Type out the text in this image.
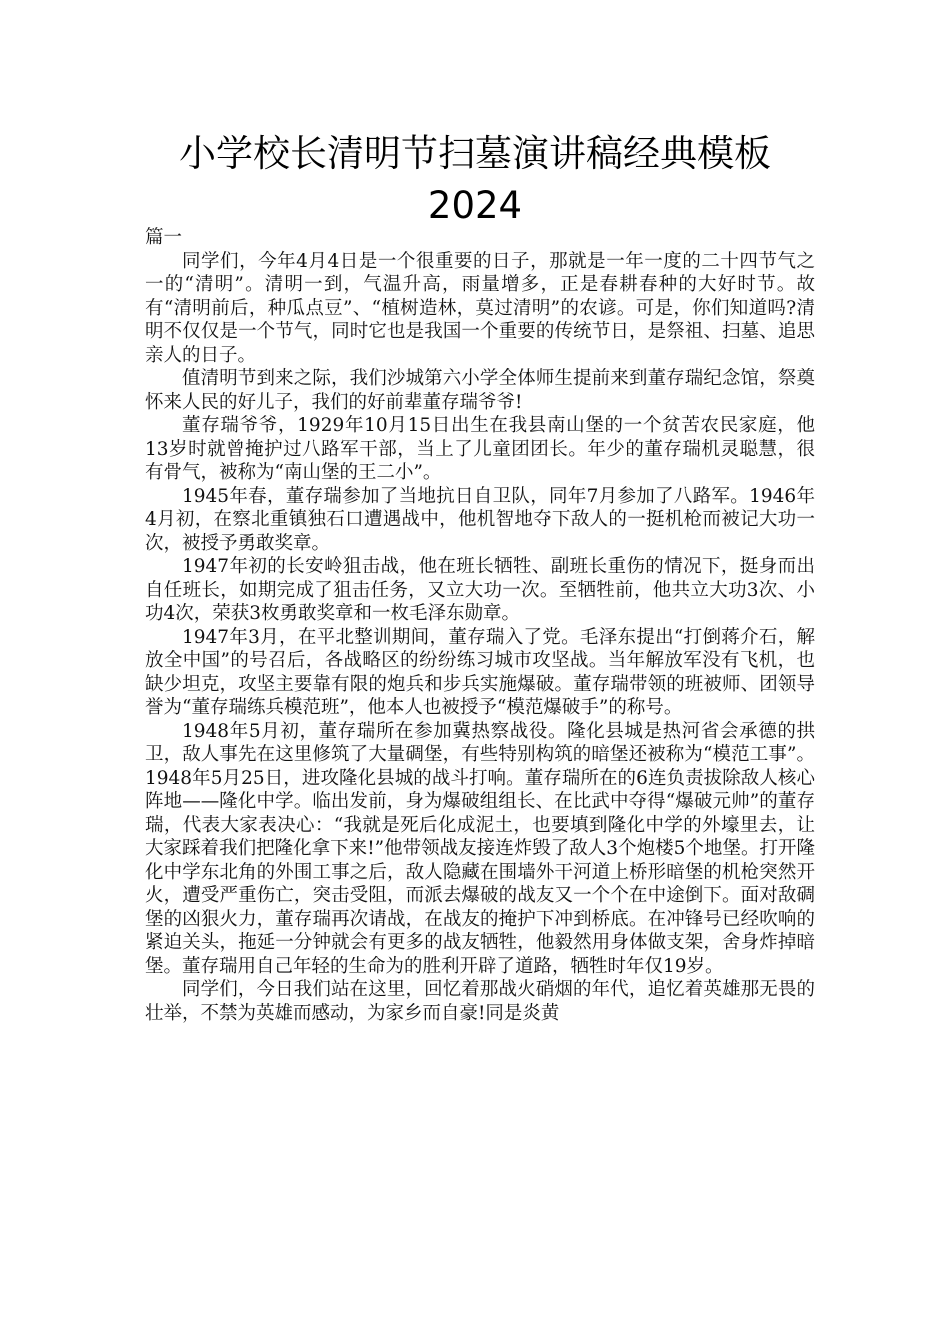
小学校长清明节扫墓演讲稿经典模板
2024

篇一

同学们，今年4月4日是一个很重要的日子，那就是一年一度的二十四节气之一的“清明”。清明一到，气温升高，雨量增多，正是春耕春种的大好时节。故有“清明前后，种瓜点豆”、“植树造林，莫过清明”的农谚。可是，你们知道吗?清明不仅仅是一个节气，同时它也是我国一个重要的传统节日，是祭祖、扫墓、追思亲人的日子。

值清明节到来之际，我们沙城第六小学全体师生提前来到董存瑞纪念馆，祭奠怀来人民的好儿子，我们的好前辈董存瑞爷爷!

董存瑞爷爷，1929年10月15日出生在我县南山堡的一个贫苦农民家庭，他13岁时就曾掩护过八路军干部，当上了儿童团团长。年少的董存瑞机灵聪慧，很有骨气，被称为“南山堡的王二小”。

1945年春，董存瑞参加了当地抗日自卫队，同年7月参加了八路军。1946年4月初，在察北重镇独石口遭遇战中，他机智地夺下敌人的一挺机枪而被记大功一次，被授予勇敢奖章。

1947年初的长安岭狙击战，他在班长牺牲、副班长重伤的情况下，挺身而出自任班长，如期完成了狙击任务，又立大功一次。至牺牲前，他共立大功3次、小功4次，荣获3枚勇敢奖章和一枚毛泽东勋章。

1947年3月，在平北整训期间，董存瑞入了党。毛泽东提出“打倒蒋介石，解放全中国”的号召后，各战略区的纷纷练习城市攻坚战。当年解放军没有飞机，也缺少坦克，攻坚主要靠有限的炮兵和步兵实施爆破。董存瑞带领的班被师、团领导誉为“董存瑞练兵模范班”，他本人也被授予“模范爆破手”的称号。

1948年5月初，董存瑞所在参加冀热察战役。隆化县城是热河省会承德的拱卫，敌人事先在这里修筑了大量碉堡，有些特别构筑的暗堡还被称为“模范工事”。1948年5月25日，进攻隆化县城的战斗打响。董存瑞所在的6连负责拔除敌人核心阵地——隆化中学。临出发前，身为爆破组组长、在比武中夺得“爆破元帅”的董存瑞，代表大家表决心：“我就是死后化成泥土，也要填到隆化中学的外壕里去，让大家踩着我们把隆化拿下来!”他带领战友接连炸毁了敌人3个炮楼5个地堡。打开隆化中学东北角的外围工事之后，敌人隐藏在围墙外干河道上桥形暗堡的机枪突然开火，遭受严重伤亡，突击受阻，而派去爆破的战友又一个个在中途倒下。面对敌碉堡的凶狠火力，董存瑞再次请战，在战友的掩护下冲到桥底。在冲锋号已经吹响的紧迫关头，拖延一分钟就会有更多的战友牺牲，他毅然用身体做支架，舍身炸掉暗堡。董存瑞用自己年轻的生命为的胜利开辟了道路，牺牲时年仅19岁。

同学们，今日我们站在这里，回忆着那战火硝烟的年代，追忆着英雄那无畏的壮举，不禁为英雄而感动，为家乡而自豪!同是炎黄
